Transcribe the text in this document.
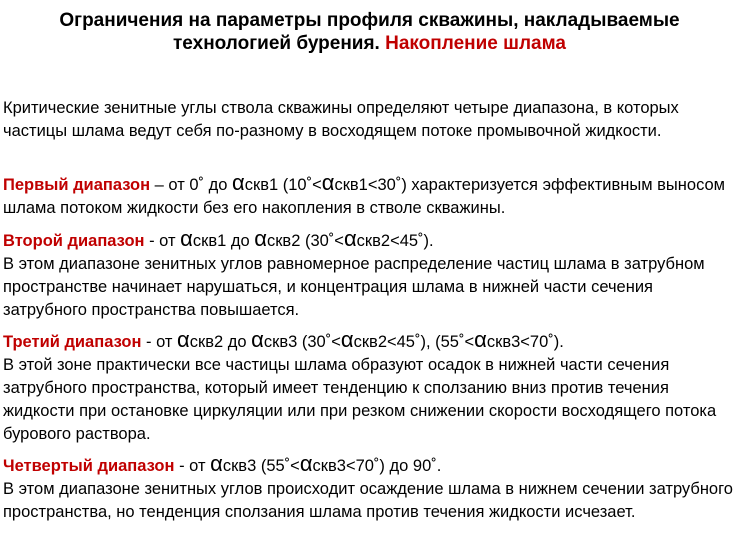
Ограничения на параметры профиля скважины, накладываемые
технологией бурения. Накопление шлама
Критические зенитные углы ствола скважины определяют четыре диапазона, в которых частицы шлама ведут себя по-разному в восходящем потоке промывочной жидкости.
Первый диапазон – от 0˚ до αскв1 (10˚<αскв1<30˚) характеризуется эффективным выносом шлама потоком жидкости без его накопления в стволе скважины.
Второй диапазон - от αскв1 до αскв2 (30˚<αскв2<45˚).
В этом диапазоне зенитных углов равномерное распределение частиц шлама в затрубном пространстве начинает нарушаться, и концентрация шлама в нижней части сечения затрубного пространства повышается.
Третий диапазон - от αскв2 до αскв3 (30˚<αскв2<45˚), (55˚<αскв3<70˚).
В этой зоне практически все частицы шлама образуют осадок в нижней части сечения затрубного пространства, который имеет тенденцию к сползанию вниз против течения жидкости при остановке циркуляции или при резком снижении скорости восходящего потока бурового раствора.
Четвертый диапазон - от αскв3 (55˚<αскв3<70˚) до 90˚.
В этом диапазоне зенитных углов происходит осаждение шлама в нижнем сечении затрубного пространства, но тенденция сползания шлама против течения жидкости исчезает.
